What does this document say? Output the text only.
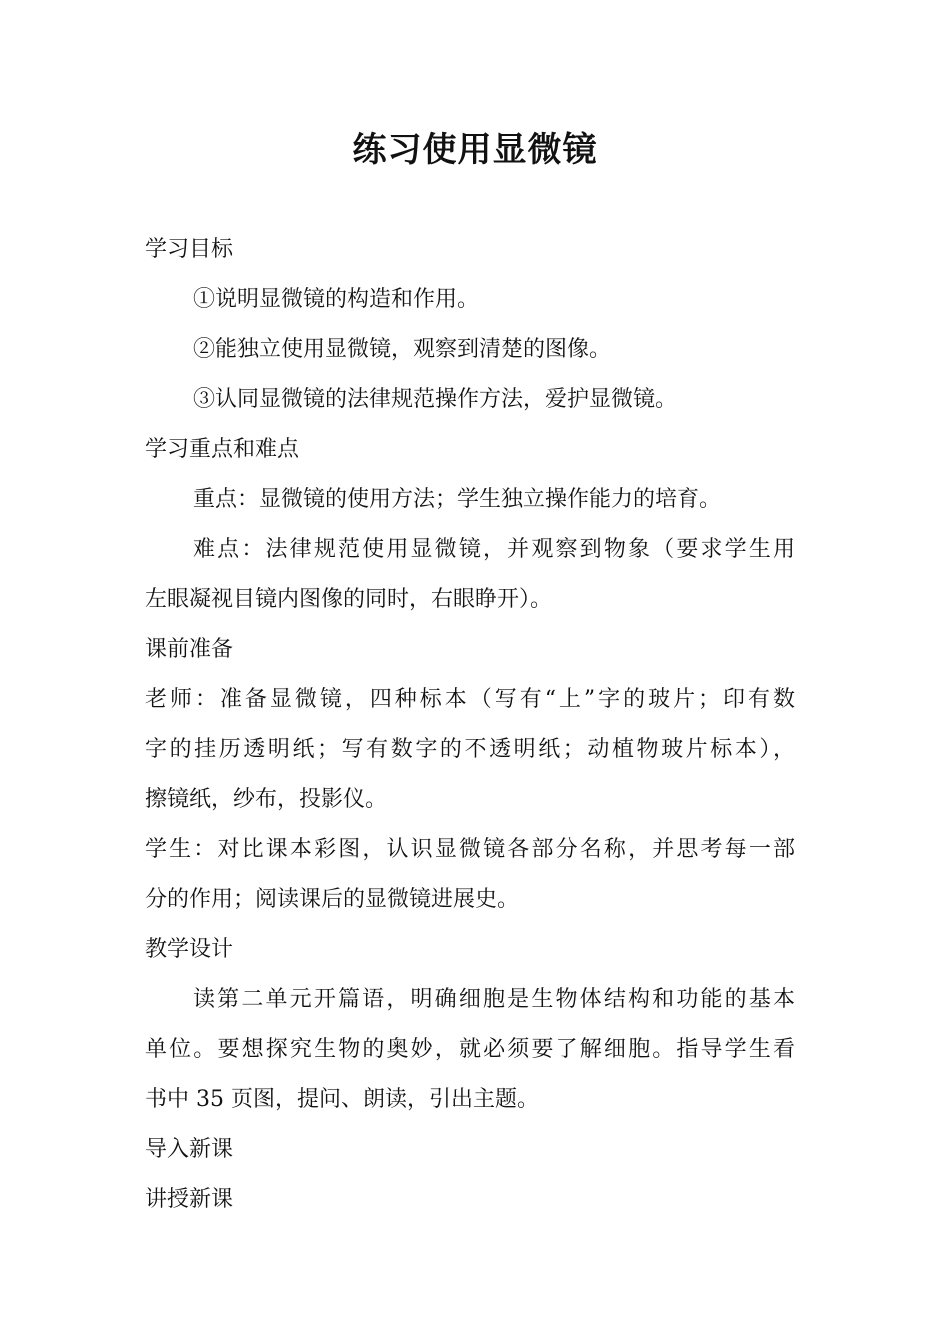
练习使用显微镜

学习目标

①说明显微镜的构造和作用。

②能独立使用显微镜，观察到清楚的图像。

③认同显微镜的法律规范操作方法，爱护显微镜。

学习重点和难点

重点：显微镜的使用方法；学生独立操作能力的培育。

难点：法律规范使用显微镜，并观察到物象（要求学生用

左眼凝视目镜内图像的同时，右眼睁开）。

课前准备

老师：准备显微镜，四种标本（写有“上”字的玻片；印有数

字的挂历透明纸；写有数字的不透明纸；动植物玻片标本），

擦镜纸，纱布，投影仪。

学生：对比课本彩图，认识显微镜各部分名称，并思考每一部

分的作用；阅读课后的显微镜进展史。

教学设计

读第二单元开篇语，明确细胞是生物体结构和功能的基本

单位。要想探究生物的奥妙，就必须要了解细胞。指导学生看

书中 35 页图，提问、朗读，引出主题。

导入新课

讲授新课
